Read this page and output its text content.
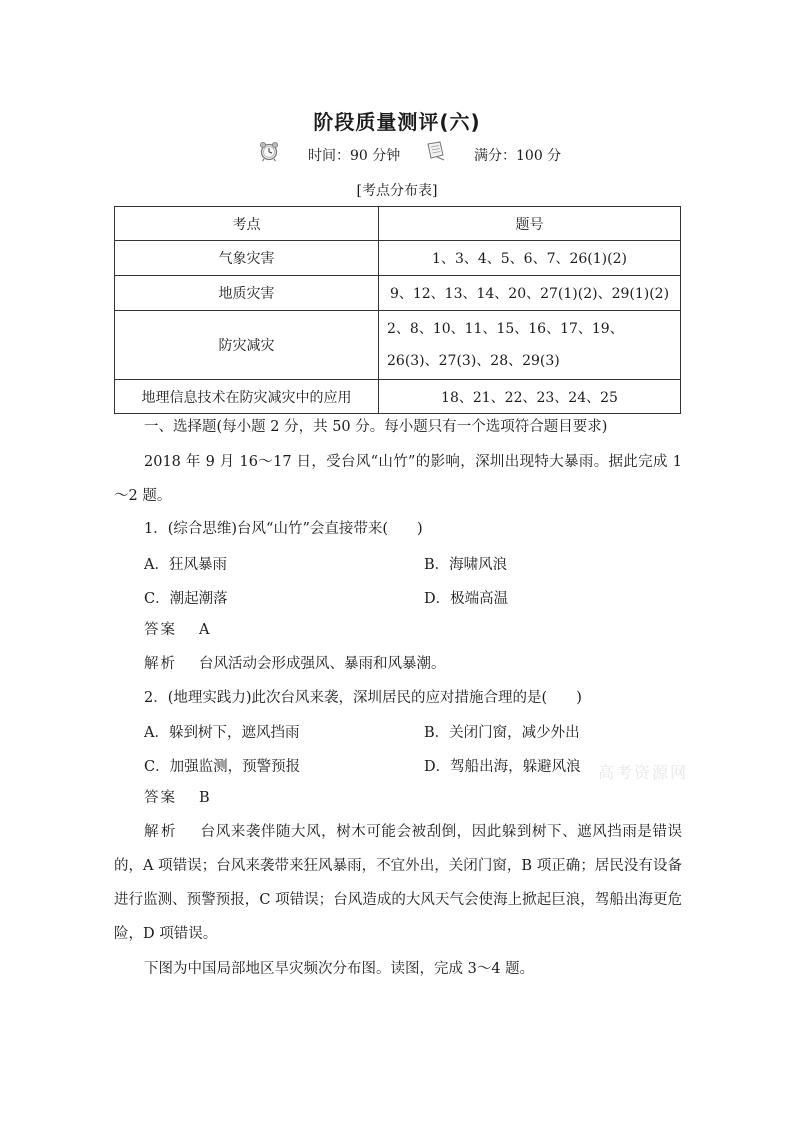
阶段质量测评(六)
时间：90 分钟	满分：100 分
[考点分布表]
考点	题号
气象灾害	1、3、4、5、6、7、26(1)(2)
地质灾害	9、12、13、14、20、27(1)(2)、29(1)(2)
防灾减灾	2、8、10、11、15、16、17、19、26(3)、27(3)、28、29(3)
地理信息技术在防灾减灾中的应用	18、21、22、23、24、25
一、选择题(每小题 2 分，共 50 分。每小题只有一个选项符合题目要求)
2018 年 9 月 16～17 日，受台风“山竹”的影响，深圳出现特大暴雨。据此完成 1～2 题。
1．(综合思维)台风“山竹”会直接带来(　　)
A．狂风暴雨	B．海啸风浪
C．潮起潮落	D．极端高温
答案 A
解析 台风活动会形成强风、暴雨和风暴潮。
2．(地理实践力)此次台风来袭，深圳居民的应对措施合理的是(　　)
A．躲到树下，遮风挡雨	B．关闭门窗，减少外出
C．加强监测，预警预报	D．驾船出海，躲避风浪
答案 B
解析 台风来袭伴随大风，树木可能会被刮倒，因此躲到树下、遮风挡雨是错误的，A 项错误；台风来袭带来狂风暴雨，不宜外出，关闭门窗，B 项正确；居民没有设备进行监测、预警预报，C 项错误；台风造成的大风天气会使海上掀起巨浪，驾船出海更危险，D 项错误。
下图为中国局部地区旱灾频次分布图。读图，完成 3～4 题。
高考资源网
